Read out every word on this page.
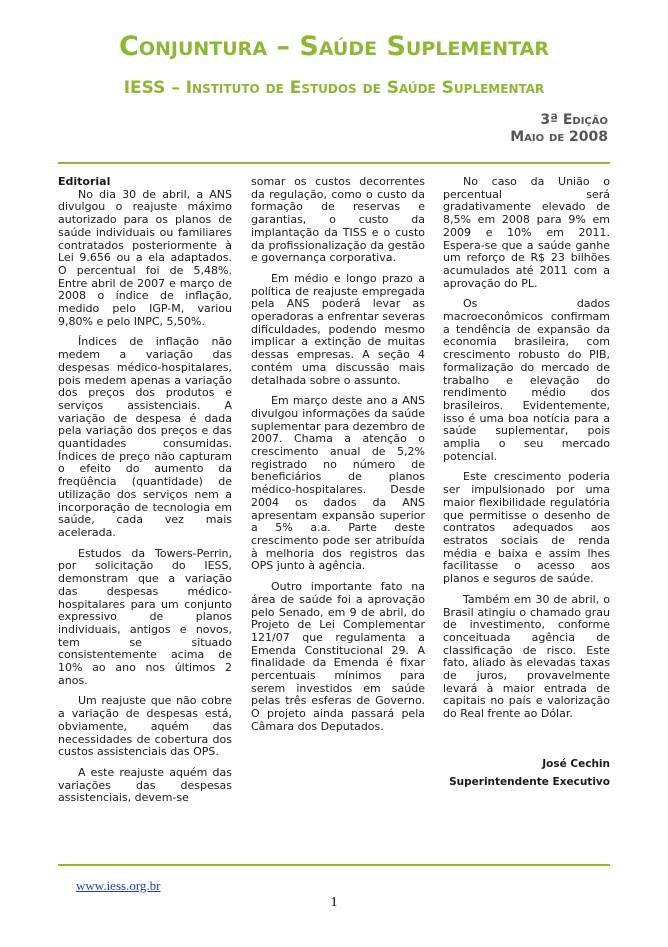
Conjuntura – Saúde Suplementar
IESS – Instituto de Estudos de Saúde Suplementar
3ª Edição
Maio de 2008

Editorial

No dia 30 de abril, a ANS divulgou o reajuste máximo autorizado para os planos de saúde individuais ou familiares contratados posteriormente à Lei 9.656 ou a ela adaptados. O percentual foi de 5,48%. Entre abril de 2007 e março de 2008 o índice de inflação, medido pelo IGP-M, variou 9,80% e pelo INPC, 5,50%.

Índices de inflação não medem a variação das despesas médico-hospitalares, pois medem apenas a variação dos preços dos produtos e serviços assistenciais. A variação de despesa é dada pela variação dos preços e das quantidades consumidas. Índices de preço não capturam o efeito do aumento da freqüência (quantidade) de utilização dos serviços nem a incorporação de tecnologia em saúde, cada vez mais acelerada.

Estudos da Towers-Perrin, por solicitação do IESS, demonstram que a variação das despesas médico-hospitalares para um conjunto expressivo de planos individuais, antigos e novos, tem se situado consistentemente acima de 10% ao ano nos últimos 2 anos.

Um reajuste que não cobre a variação de despesas está, obviamente, aquém das necessidades de cobertura dos custos assistenciais das OPS.

A este reajuste aquém das variações das despesas assistenciais, devem-se

somar os custos decorrentes da regulação, como o custo da formação de reservas e garantias, o custo da implantação da TISS e o custo da profissionalização da gestão e governança corporativa.

Em médio e longo prazo a política de reajuste empregada pela ANS poderá levar as operadoras a enfrentar severas dificuldades, podendo mesmo implicar a extinção de muitas dessas empresas. A seção 4 contém uma discussão mais detalhada sobre o assunto.

Em março deste ano a ANS divulgou informações da saúde suplementar para dezembro de 2007. Chama a atenção o crescimento anual de 5,2% registrado no número de beneficiários de planos médico-hospitalares. Desde 2004 os dados da ANS apresentam expansão superior a 5% a.a. Parte deste crescimento pode ser atribuída à melhoria dos registros das OPS junto à agência.

Outro importante fato na área de saúde foi a aprovação pelo Senado, em 9 de abril, do Projeto de Lei Complementar 121/07 que regulamenta a Emenda Constitucional 29. A finalidade da Emenda é fixar percentuais mínimos para serem investidos em saúde pelas três esferas de Governo. O projeto ainda passará pela Câmara dos Deputados.

No caso da União o percentual será gradativamente elevado de 8,5% em 2008 para 9% em 2009 e 10% em 2011. Espera-se que a saúde ganhe um reforço de R$ 23 bilhões acumulados até 2011 com a aprovação do PL.

Os dados macroeconômicos confirmam a tendência de expansão da economia brasileira, com crescimento robusto do PIB, formalização do mercado de trabalho e elevação do rendimento médio dos brasileiros. Evidentemente, isso é uma boa notícia para a saúde suplementar, pois amplia o seu mercado potencial.

Este crescimento poderia ser impulsionado por uma maior flexibilidade regulatória que permitisse o desenho de contratos adequados aos estratos sociais de renda média e baixa e assim lhes facilitasse o acesso aos planos e seguros de saúde.

Também em 30 de abril, o Brasil atingiu o chamado grau de investimento, conforme conceituada agência de classificação de risco. Este fato, aliado às elevadas taxas de juros, provavelmente levará à maior entrada de capitais no país e valorização do Real frente ao Dólar.

José Cechin
Superintendente Executivo
www.iess.org.br
1
